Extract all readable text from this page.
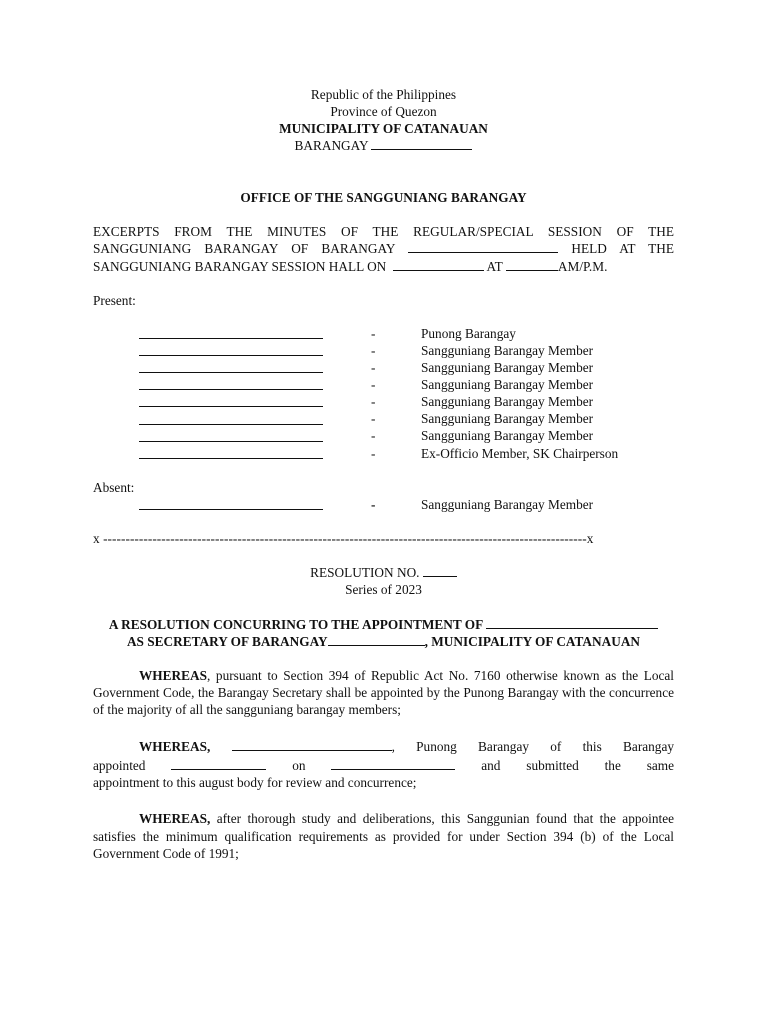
Republic of the Philippines
Province of Quezon
MUNICIPALITY OF CATANAUAN
BARANGAY
OFFICE OF THE SANGGUNIANG BARANGAY
EXCERPTS FROM THE MINUTES OF THE REGULAR/SPECIAL SESSION OF THE
SANGGUNIANG BARANGAY OF BARANGAY	HELD AT THE
SANGGUNIANG BARANGAY SESSION HALL ON	AT	AM/P.M.
Present:
-	Punong Barangay
-	Sangguniang Barangay Member
-	Sangguniang Barangay Member
-	Sangguniang Barangay Member
-	Sangguniang Barangay Member
-	Sangguniang Barangay Member
-	Sangguniang Barangay Member
-	Ex-Officio Member, SK Chairperson
Absent:
-	Sangguniang Barangay Member
x ------------------------------------------------------------------------------------------------------------x
RESOLUTION NO.
Series of 2023
A RESOLUTION CONCURRING TO THE APPOINTMENT OF
AS SECRETARY OF BARANGAY	, MUNICIPALITY OF CATANAUAN
WHEREAS, pursuant to Section 394 of Republic Act No. 7160 otherwise known as the Local Government Code, the Barangay Secretary shall be appointed by the Punong Barangay with the concurrence of the majority of all the sangguniang barangay members;
WHEREAS,	, Punong Barangay of this Barangay
appointed	on	and submitted the same
appointment to this august body for review and concurrence;
WHEREAS, after thorough study and deliberations, this Sanggunian found that the appointee satisfies the minimum qualification requirements as provided for under Section 394 (b) of the Local Government Code of 1991;
